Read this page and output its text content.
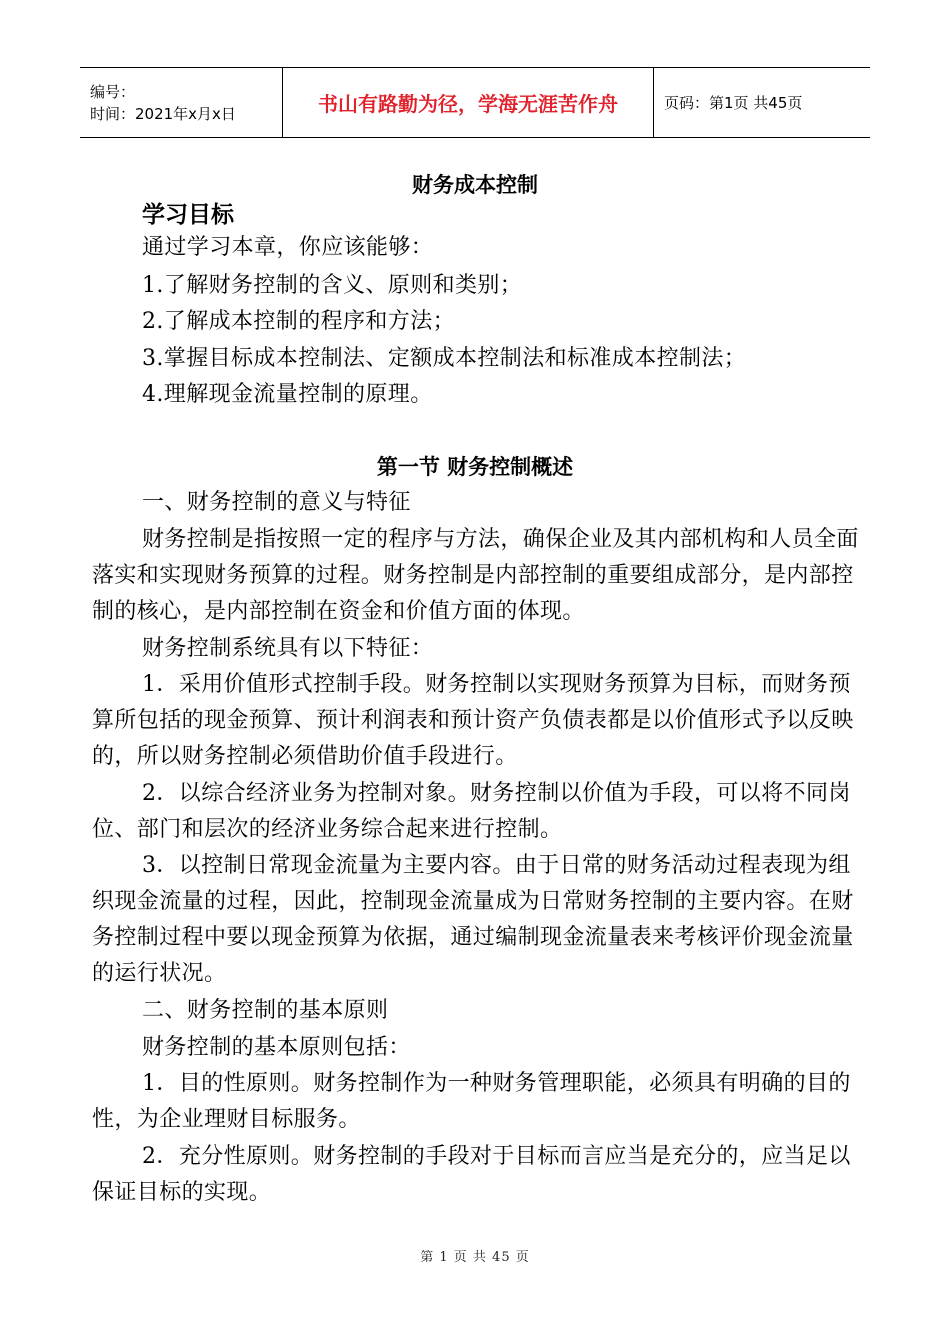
编号：
时间：2021年x月x日	书山有路勤为径，学海无涯苦作舟	页码：第1页 共45页
财务成本控制
学习目标
通过学习本章，你应该能够：
1.了解财务控制的含义、原则和类别；
2.了解成本控制的程序和方法；
3.掌握目标成本控制法、定额成本控制法和标准成本控制法；
4.理解现金流量控制的原理。
第一节 财务控制概述
一、财务控制的意义与特征
财务控制是指按照一定的程序与方法，确保企业及其内部机构和人员全面落实和实现财务预算的过程。财务控制是内部控制的重要组成部分，是内部控制的核心，是内部控制在资金和价值方面的体现。
财务控制系统具有以下特征：
1．采用价值形式控制手段。财务控制以实现财务预算为目标，而财务预算所包括的现金预算、预计利润表和预计资产负债表都是以价值形式予以反映的，所以财务控制必须借助价值手段进行。
2．以综合经济业务为控制对象。财务控制以价值为手段，可以将不同岗位、部门和层次的经济业务综合起来进行控制。
3．以控制日常现金流量为主要内容。由于日常的财务活动过程表现为组织现金流量的过程，因此，控制现金流量成为日常财务控制的主要内容。在财务控制过程中要以现金预算为依据，通过编制现金流量表来考核评价现金流量的运行状况。
二、财务控制的基本原则
财务控制的基本原则包括：
1．目的性原则。财务控制作为一种财务管理职能，必须具有明确的目的性，为企业理财目标服务。
2．充分性原则。财务控制的手段对于目标而言应当是充分的，应当足以保证目标的实现。
第 1 页 共 45 页
